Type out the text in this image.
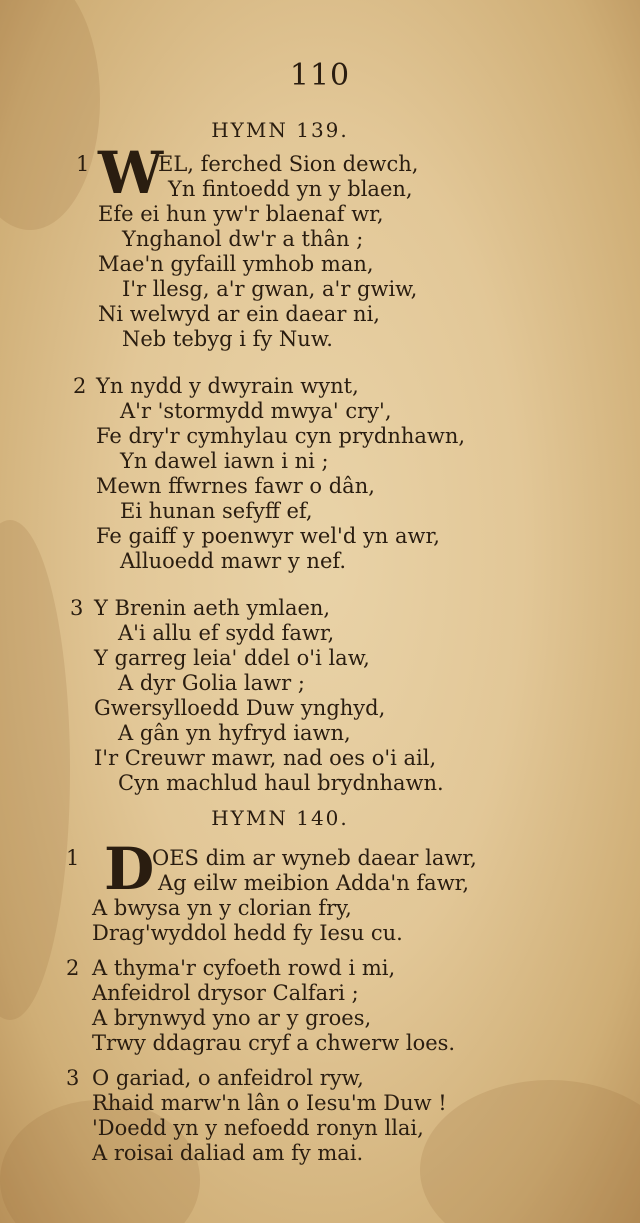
110
HYMN 139.
1 W
EL, ferched Sion dewch,
Yn fintoedd yn y blaen,
Efe ei hun yw'r blaenaf wr,
Ynghanol dw'r a thân ;
Mae'n gyfaill ymhob man,
I'r llesg, a'r gwan, a'r gwiw,
Ni welwyd ar ein daear ni,
Neb tebyg i fy Nuw.
2 Yn nydd y dwyrain wynt,
A'r 'stormydd mwya' cry',
Fe dry'r cymhylau cyn prydnhawn,
Yn dawel iawn i ni ;
Mewn ffwrnes fawr o dân,
Ei hunan sefyff ef,
Fe gaiff y poenwyr wel'd yn awr,
Alluoedd mawr y nef.
3 Y Brenin aeth ymlaen,
A'i allu ef sydd fawr,
Y garreg leia' ddel o'i law,
A dyr Golia lawr ;
Gwersylloedd Duw ynghyd,
A gân yn hyfryd iawn,
I'r Creuwr mawr, nad oes o'i ail,
Cyn machlud haul brydnhawn.
HYMN 140.
1 D
OES dim ar wyneb daear lawr,
Ag eilw meibion Adda'n fawr,
A bwysa yn y clorian fry,
Drag'wyddol hedd fy Iesu cu.
2 A thyma'r cyfoeth rowd i mi,
Anfeidrol drysor Calfari ;
A brynwyd yno ar y groes,
Trwy ddagrau cryf a chwerw loes.
3 O gariad, o anfeidrol ryw,
Rhaid marw'n lân o Iesu'm Duw !
'Doedd yn y nefoedd ronyn llai,
A roisai daliad am fy mai.
